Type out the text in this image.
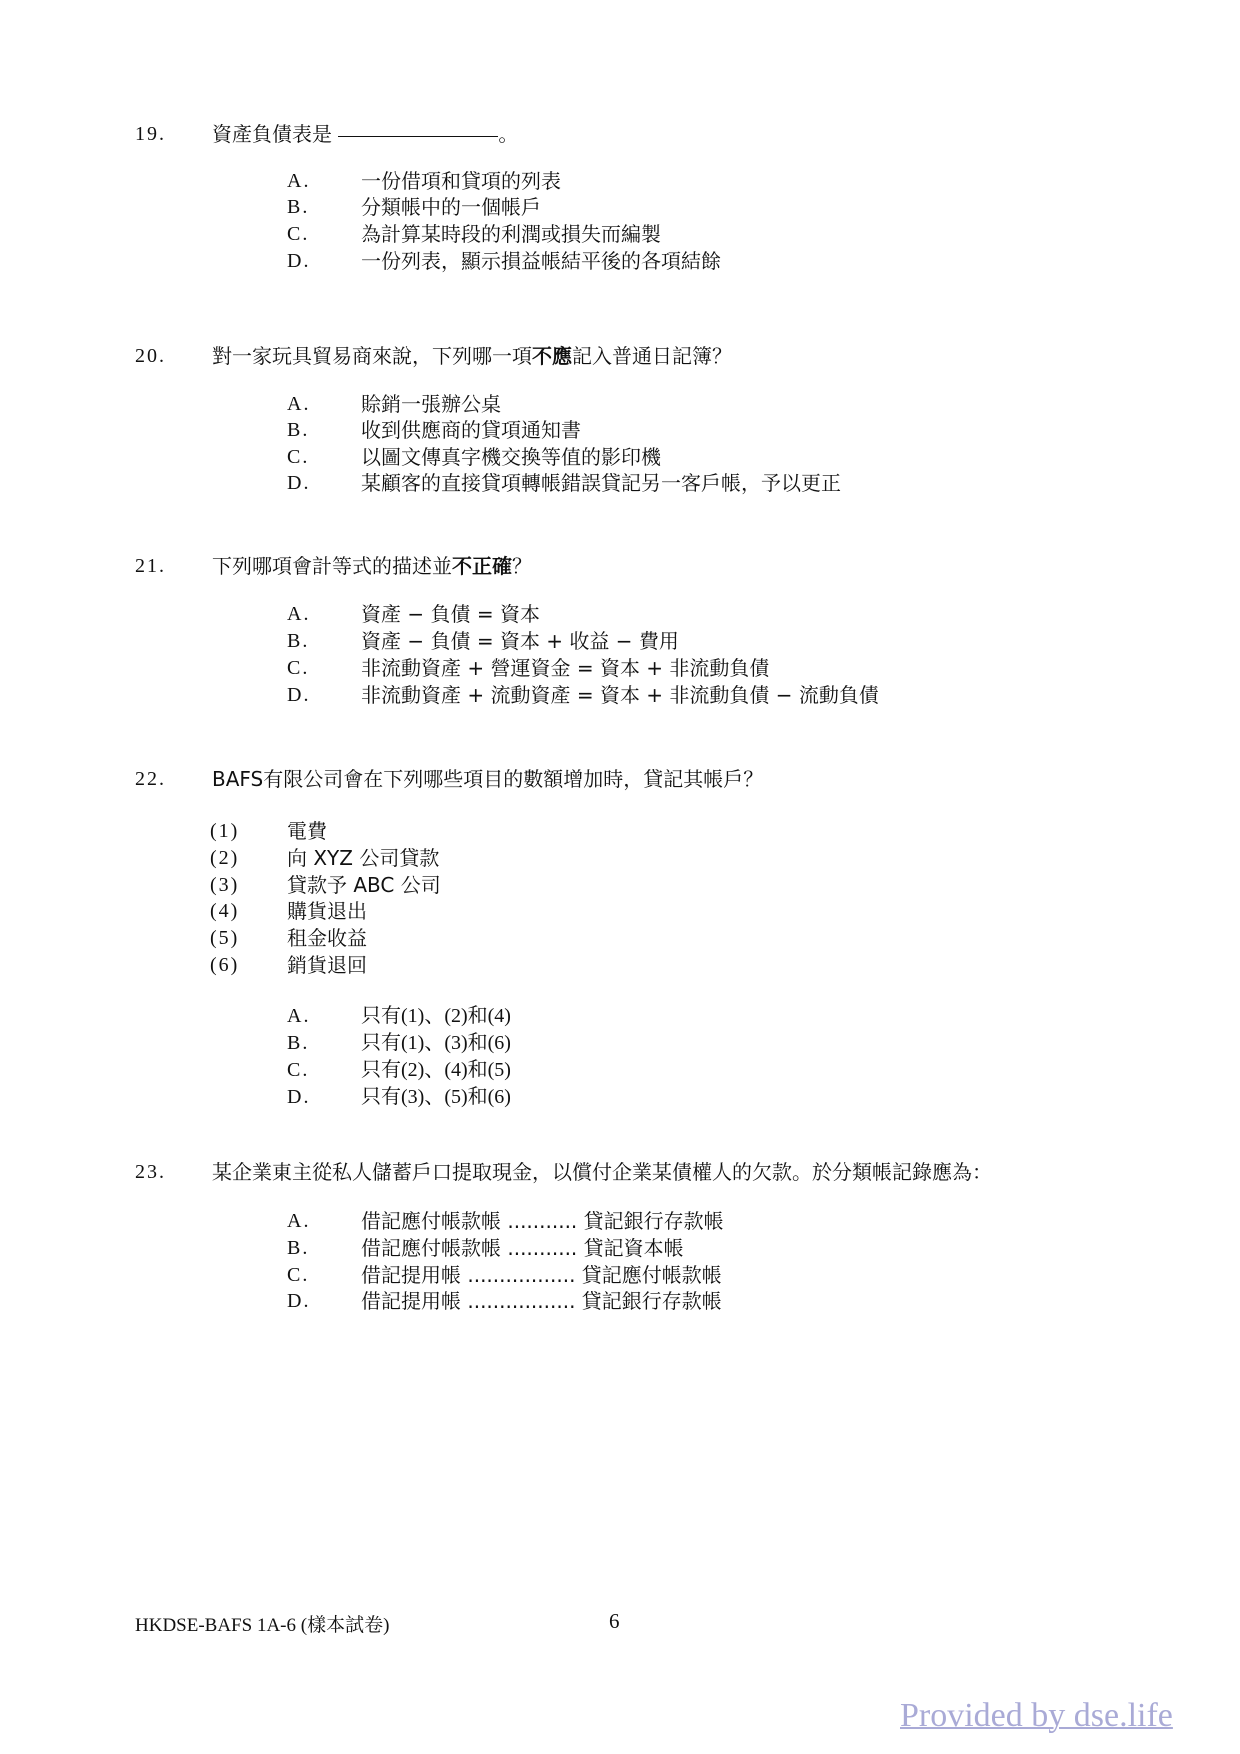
19. 資產負債表是	。
A.	一份借項和貸項的列表
B.	分類帳中的一個帳戶
C.	為計算某時段的利潤或損失而編製
D.	一份列表，顯示損益帳結平後的各項結餘
20. 對一家玩具貿易商來說，下列哪一項不應記入普通日記簿？
A.	賒銷一張辦公桌
B.	收到供應商的貸項通知書
C.	以圖文傳真字機交換等值的影印機
D.	某顧客的直接貸項轉帳錯誤貸記另一客戶帳，予以更正
21. 下列哪項會計等式的描述並不正確？
A.	資產 − 負債 = 資本
B.	資產 − 負債 = 資本 + 收益 − 費用
C.	非流動資產 + 營運資金 = 資本 + 非流動負債
D.	非流動資產 + 流動資產 = 資本 + 非流動負債 − 流動負債
22. BAFS有限公司會在下列哪些項目的數額增加時，貸記其帳戶？
(1) 電費
(2) 向 XYZ 公司貸款
(3) 貸款予 ABC 公司
(4) 購貨退出
(5) 租金收益
(6) 銷貨退回
A.	只有(1)、(2)和(4)
B.	只有(1)、(3)和(6)
C.	只有(2)、(4)和(5)
D.	只有(3)、(5)和(6)
23. 某企業東主從私人儲蓄戶口提取現金，以償付企業某債權人的欠款。於分類帳記錄應為：
A.	借記應付帳款帳 ........... 貸記銀行存款帳
B.	借記應付帳款帳 ........... 貸記資本帳
C.	借記提用帳 ................. 貸記應付帳款帳
D.	借記提用帳 ................. 貸記銀行存款帳
HKDSE-BAFS 1A-6 (樣本試卷)	6
Provided by dse.life
